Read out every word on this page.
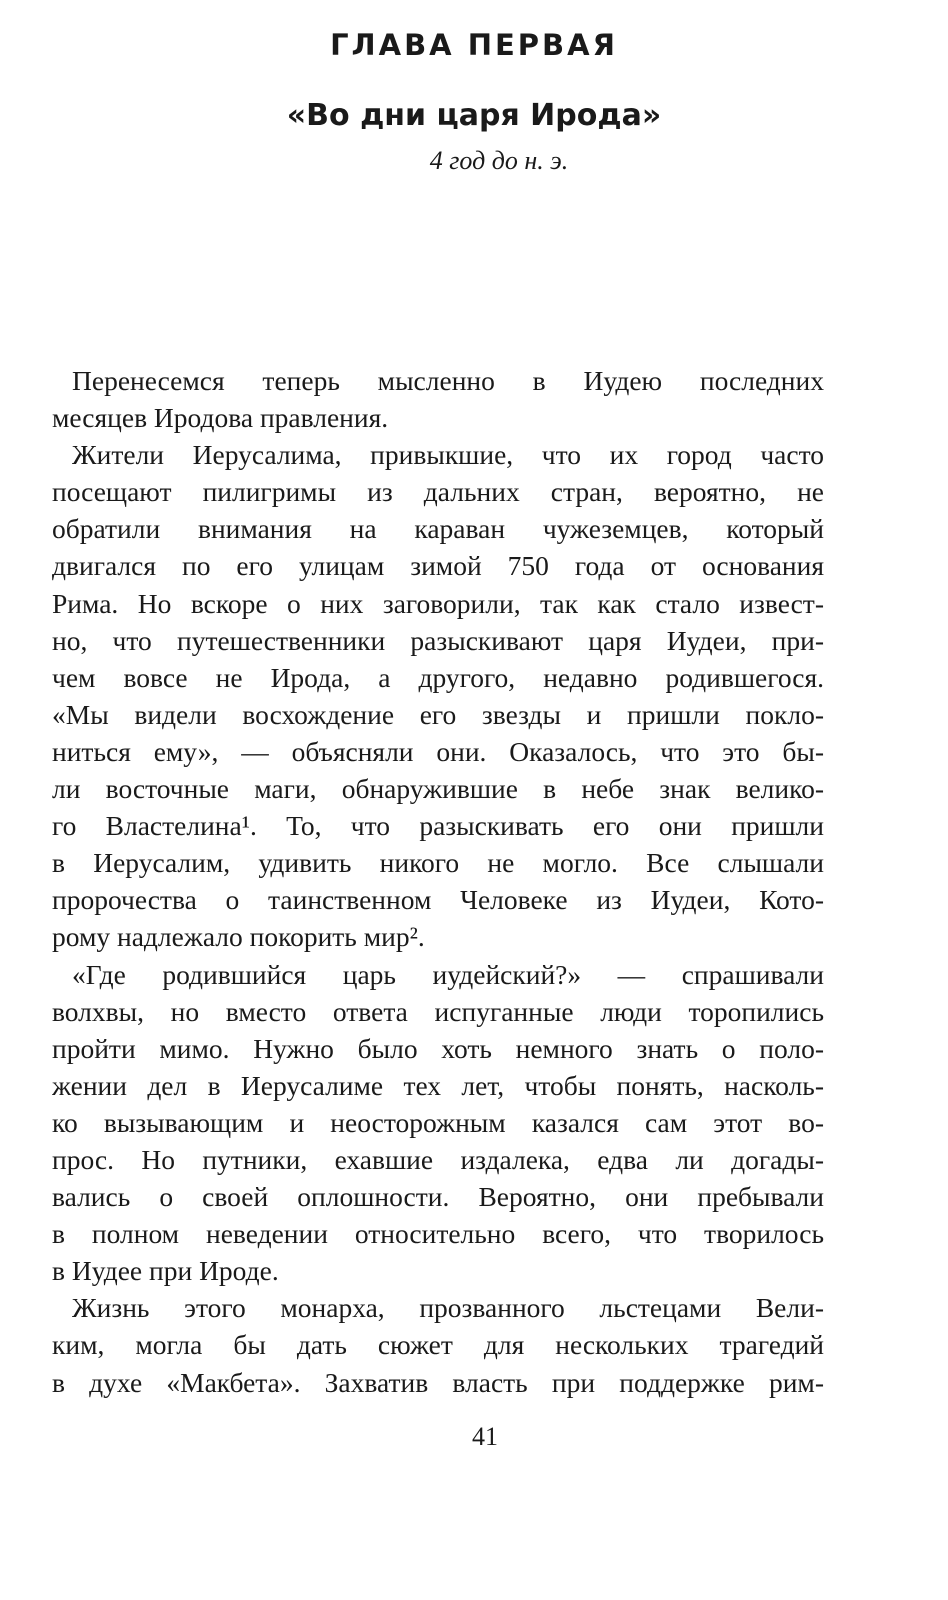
ГЛАВА ПЕРВАЯ
«Во дни царя Ирода»
4 год до н. э.
Перенесемся теперь мысленно в Иудею последних
месяцев Иродова правления.
Жители Иерусалима, привыкшие, что их город часто
посещают пилигримы из дальних стран, вероятно, не
обратили внимания на караван чужеземцев, который
двигался по его улицам зимой 750 года от основания
Рима. Но вскоре о них заговорили, так как стало извест-
но, что путешественники разыскивают царя Иудеи, при-
чем вовсе не Ирода, а другого, недавно родившегося.
«Мы видели восхождение его звезды и пришли покло-
ниться ему», — объясняли они. Оказалось, что это бы-
ли восточные маги, обнаружившие в небе знак велико-
го Властелина¹. То, что разыскивать его они пришли
в Иерусалим, удивить никого не могло. Все слышали
пророчества о таинственном Человеке из Иудеи, Кото-
рому надлежало покорить мир².
«Где родившийся царь иудейский?» — спрашивали
волхвы, но вместо ответа испуганные люди торопились
пройти мимо. Нужно было хоть немного знать о поло-
жении дел в Иерусалиме тех лет, чтобы понять, насколь-
ко вызывающим и неосторожным казался сам этот во-
прос. Но путники, ехавшие издалека, едва ли догады-
вались о своей оплошности. Вероятно, они пребывали
в полном неведении относительно всего, что творилось
в Иудее при Ироде.
Жизнь этого монарха, прозванного льстецами Вели-
ким, могла бы дать сюжет для нескольких трагедий
в духе «Макбета». Захватив власть при поддержке рим-
41
